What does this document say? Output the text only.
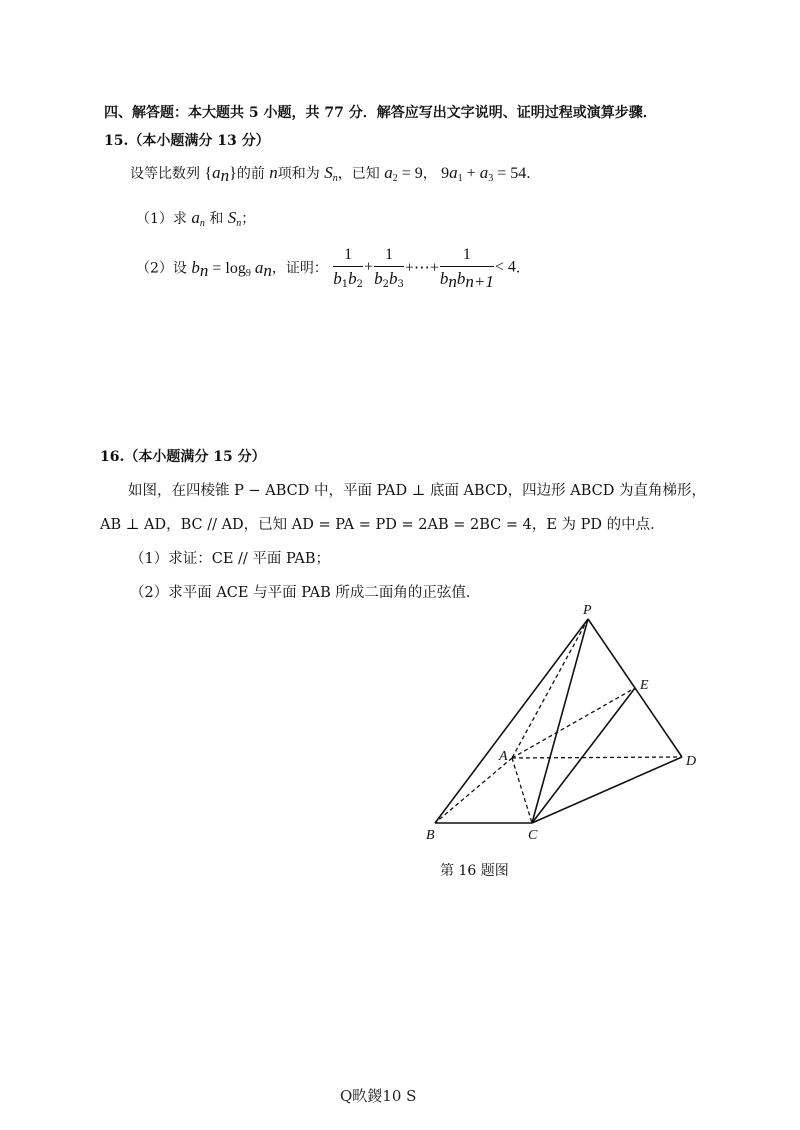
四、解答题：本大题共 5 小题，共 77 分．解答应写出文字说明、证明过程或演算步骤．
15.（本小题满分 13 分）
设等比数列 $\{a_n\}$的前 n项和为 $S_n$，已知 $a_2 = 9$， $9a_1 + a_3 = 54$．
（1）求 $a_n$ 和 $S_n$；
（2）设 $b_n = \log_9 a_n$，证明： $\frac{1}{b_1b_2} + \frac{1}{b_2b_3}$ +⋯+ $\frac{1}{b_nb_{n+1}} < 4$．
16.（本小题满分 15 分）
如图，在四棱锥 P − ABCD 中，平面 PAD ⊥ 底面 ABCD，四边形 ABCD 为直角梯形，
AB ⊥ AD，BC // AD，已知 AD = PA = PD = 2AB = 2BC = 4，E 为 PD 的中点．
（1）求证：CE // 平面 PAB；
（2）求平面 ACE 与平面 PAB 所成二面角的正弦值．
P
E
A	D
B	C
第 16 题图
Q畂鍐10 S
